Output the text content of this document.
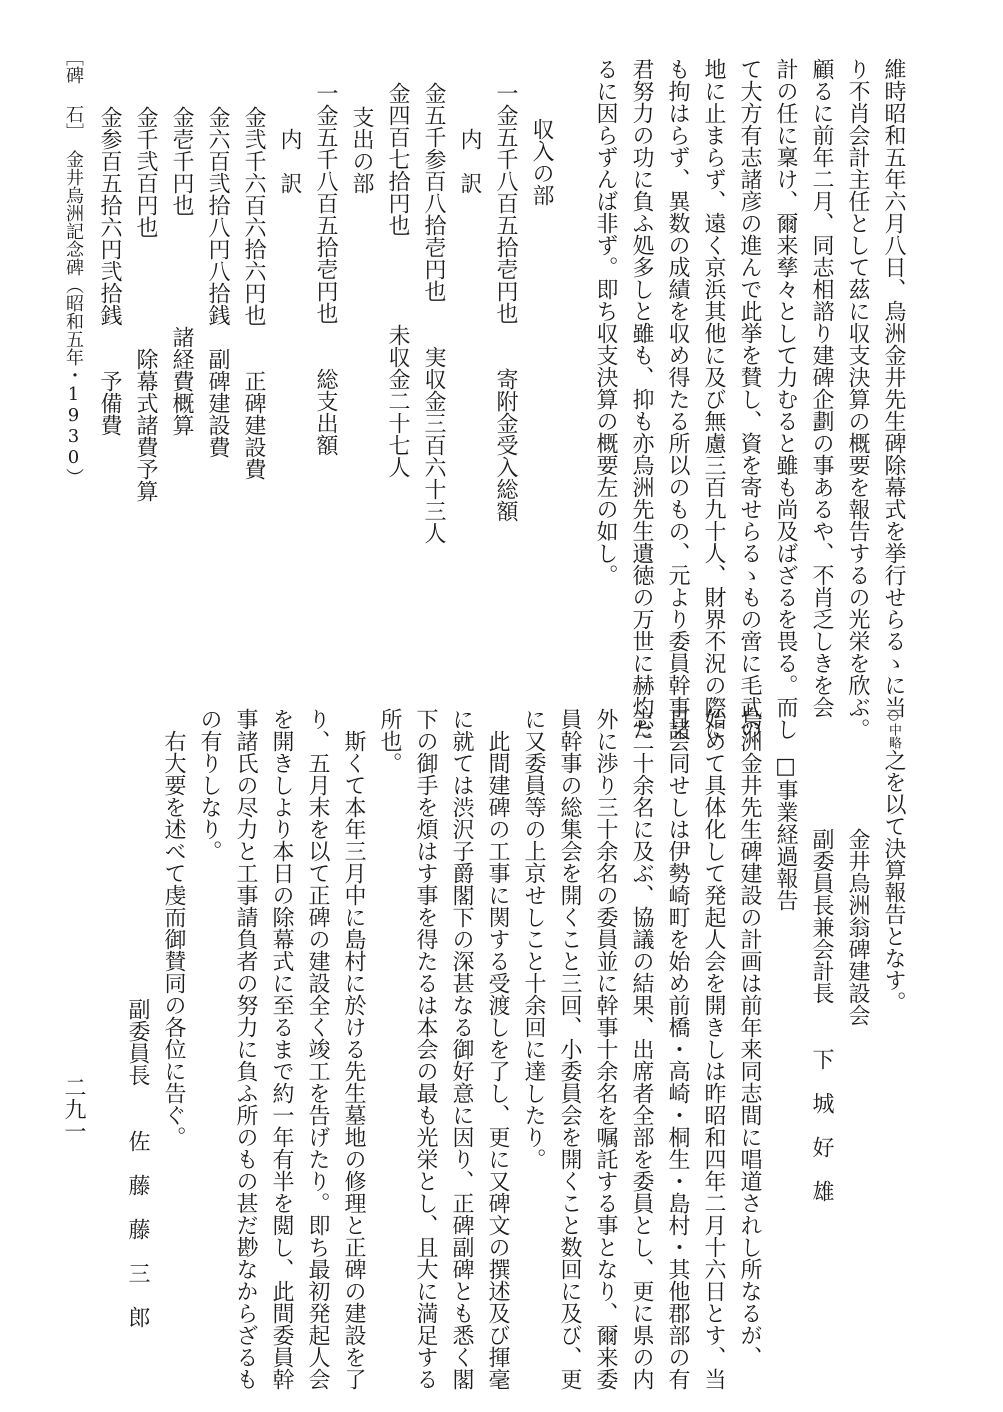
維時昭和五年六月八日、烏洲金井先生碑除幕式を挙行せらるゝに当
り不肖会計主任として茲に収支決算の概要を報告するの光栄を欣ぶ。
顧るに前年二月、同志相諮り建碑企劃の事あるや、不肖乏しきを会
計の任に稟け、爾来孳々として力むると雖も尚及ばざるを畏る。而し
て大方有志諸彦の進んで此挙を賛し、資を寄せらるゝもの啻に毛武の
地に止まらず、遠く京浜其他に及び無慮三百九十人、財界不況の際に
も拘はらず、異数の成績を収め得たる所以のもの、元より委員幹事諸
君努力の功に負ふ処多しと雖も、抑も亦烏洲先生遺徳の万世に赫灼た
るに因らずんば非ず。即ち収支決算の概要左の如し。
収入の部
一金五千八百五拾壱円也寄附金受入総額
内　訳
金五千参百八拾壱円也実収金三百六十三人
金四百七拾円也未収金二十七人
支出の部
一金五千八百五拾壱円也総支出額
内　訳
金弐千六百六拾六円也正碑建設費
金六百弐拾八円八拾銭副碑建設費
金壱千円也諸経費概算
金千弐百円也除幕式諸費予算
金参百五拾六円弐拾銭予備費
［碑 石］　金井烏洲記念碑（昭和五年・1930）
○中略之を以て決算報告となす。
金井烏洲翁碑建設会
副委員長兼会計長下　城　好　雄
□事業経過報告
烏洲金井先生碑建設の計画は前年来同志間に唱道されし所なるが、
始めて具体化して発起人会を開きしは昨昭和四年二月十六日とす、当
日会同せしは伊勢崎町を始め前橋・高崎・桐生・島村・其他郡部の有
志二十余名に及ぶ、協議の結果、出席者全部を委員とし、更に県の内
外に渉り三十余名の委員並に幹事十余名を嘱託する事となり、爾来委
員幹事の総集会を開くこと三回、小委員会を開くこと数回に及び、更
に又委員等の上京せしこと十余回に達したり。
此間建碑の工事に関する受渡しを了し、更に又碑文の撰述及び揮毫
に就ては渋沢子爵閣下の深甚なる御好意に因り、正碑副碑とも悉く閣
下の御手を煩はす事を得たるは本会の最も光栄とし、且大に満足する
所也。
斯くて本年三月中に島村に於ける先生墓地の修理と正碑の建設を了
り、五月末を以て正碑の建設全く竣工を告げたり。即ち最初発起人会
を開きしより本日の除幕式に至るまで約一年有半を閲し、此間委員幹
事諸氏の尽力と工事請負者の努力に負ふ所のもの甚だ尠なからざるも
の有りしなり。
右大要を述べて虔而御賛同の各位に告ぐ。
副委員長佐　藤　藤　三　郎
二九一
